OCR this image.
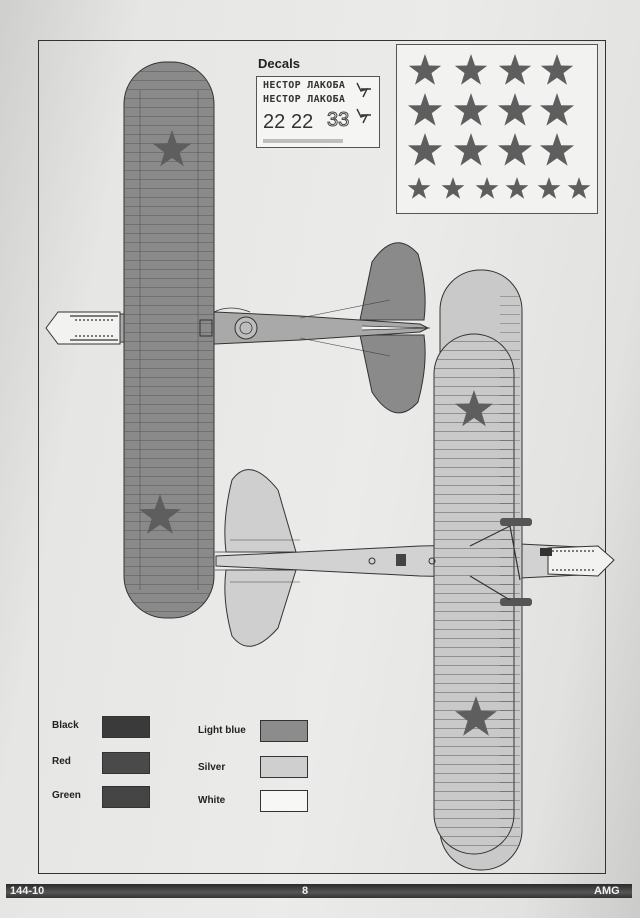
Decals
НЕСТОР ЛАКОБА
НЕСТОР ЛАКОБА
22 22 33
Black
Red
Green
Light blue
Silver
White
144-10	8	AMG
